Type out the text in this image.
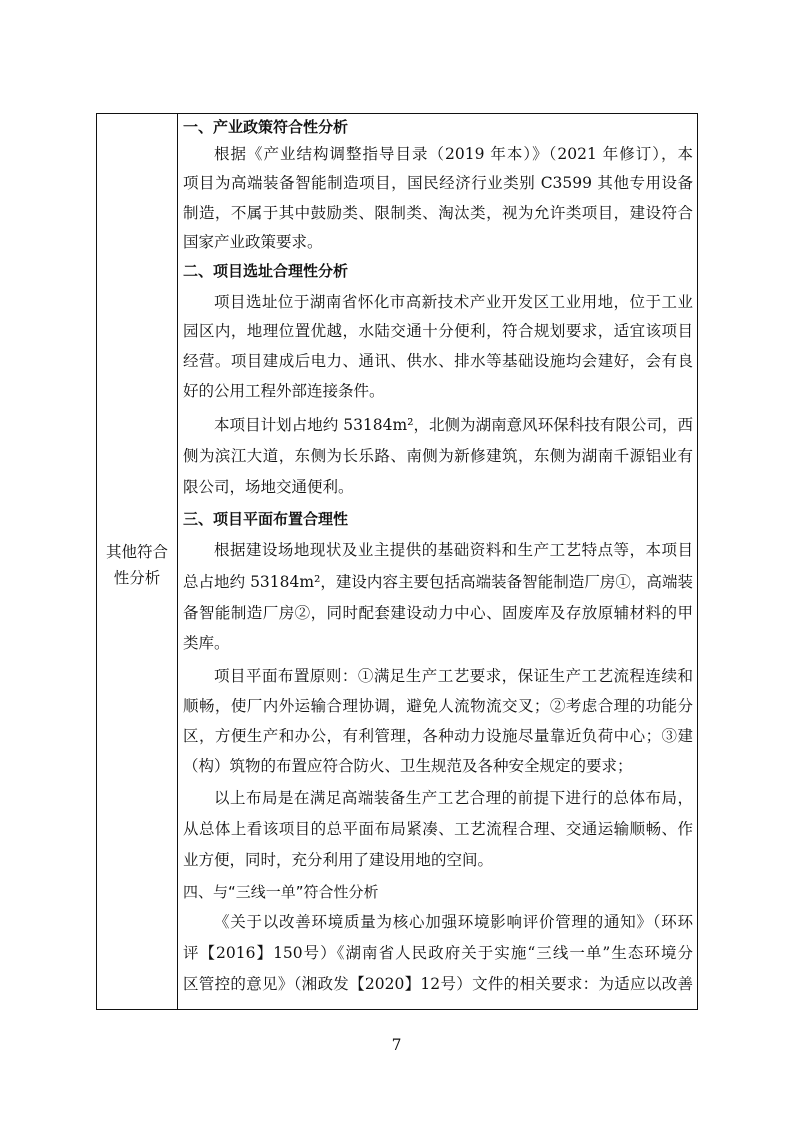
其他符合
性分析
一、产业政策符合性分析
根据《产业结构调整指导目录（2019 年本）》（2021 年修订），本
项目为高端装备智能制造项目，国民经济行业类别 C3599 其他专用设备
制造，不属于其中鼓励类、限制类、淘汰类，视为允许类项目，建设符合
国家产业政策要求。
二、项目选址合理性分析
项目选址位于湖南省怀化市高新技术产业开发区工业用地，位于工业
园区内，地理位置优越，水陆交通十分便利，符合规划要求，适宜该项目
经营。项目建成后电力、通讯、供水、排水等基础设施均会建好，会有良
好的公用工程外部连接条件。
本项目计划占地约 53184m²，北侧为湖南意风环保科技有限公司，西
侧为滨江大道，东侧为长乐路、南侧为新修建筑，东侧为湖南千源铝业有
限公司，场地交通便利。
三、项目平面布置合理性
根据建设场地现状及业主提供的基础资料和生产工艺特点等，本项目
总占地约 53184m²，建设内容主要包括高端装备智能制造厂房①，高端装
备智能制造厂房②，同时配套建设动力中心、固废库及存放原辅材料的甲
类库。
项目平面布置原则：①满足生产工艺要求，保证生产工艺流程连续和
顺畅，使厂内外运输合理协调，避免人流物流交叉；②考虑合理的功能分
区，方便生产和办公，有利管理，各种动力设施尽量靠近负荷中心；③建
（构）筑物的布置应符合防火、卫生规范及各种安全规定的要求；
以上布局是在满足高端装备生产工艺合理的前提下进行的总体布局，
从总体上看该项目的总平面布局紧凑、工艺流程合理、交通运输顺畅、作
业方便，同时，充分利用了建设用地的空间。
四、与“三线一单”符合性分析
《关于以改善环境质量为核心加强环境影响评价管理的通知》（环环
评【2016】150号）《湖南省人民政府关于实施“三线一单”生态环境分
区管控的意见》（湘政发【2020】12号）文件的相关要求：为适应以改善
7
